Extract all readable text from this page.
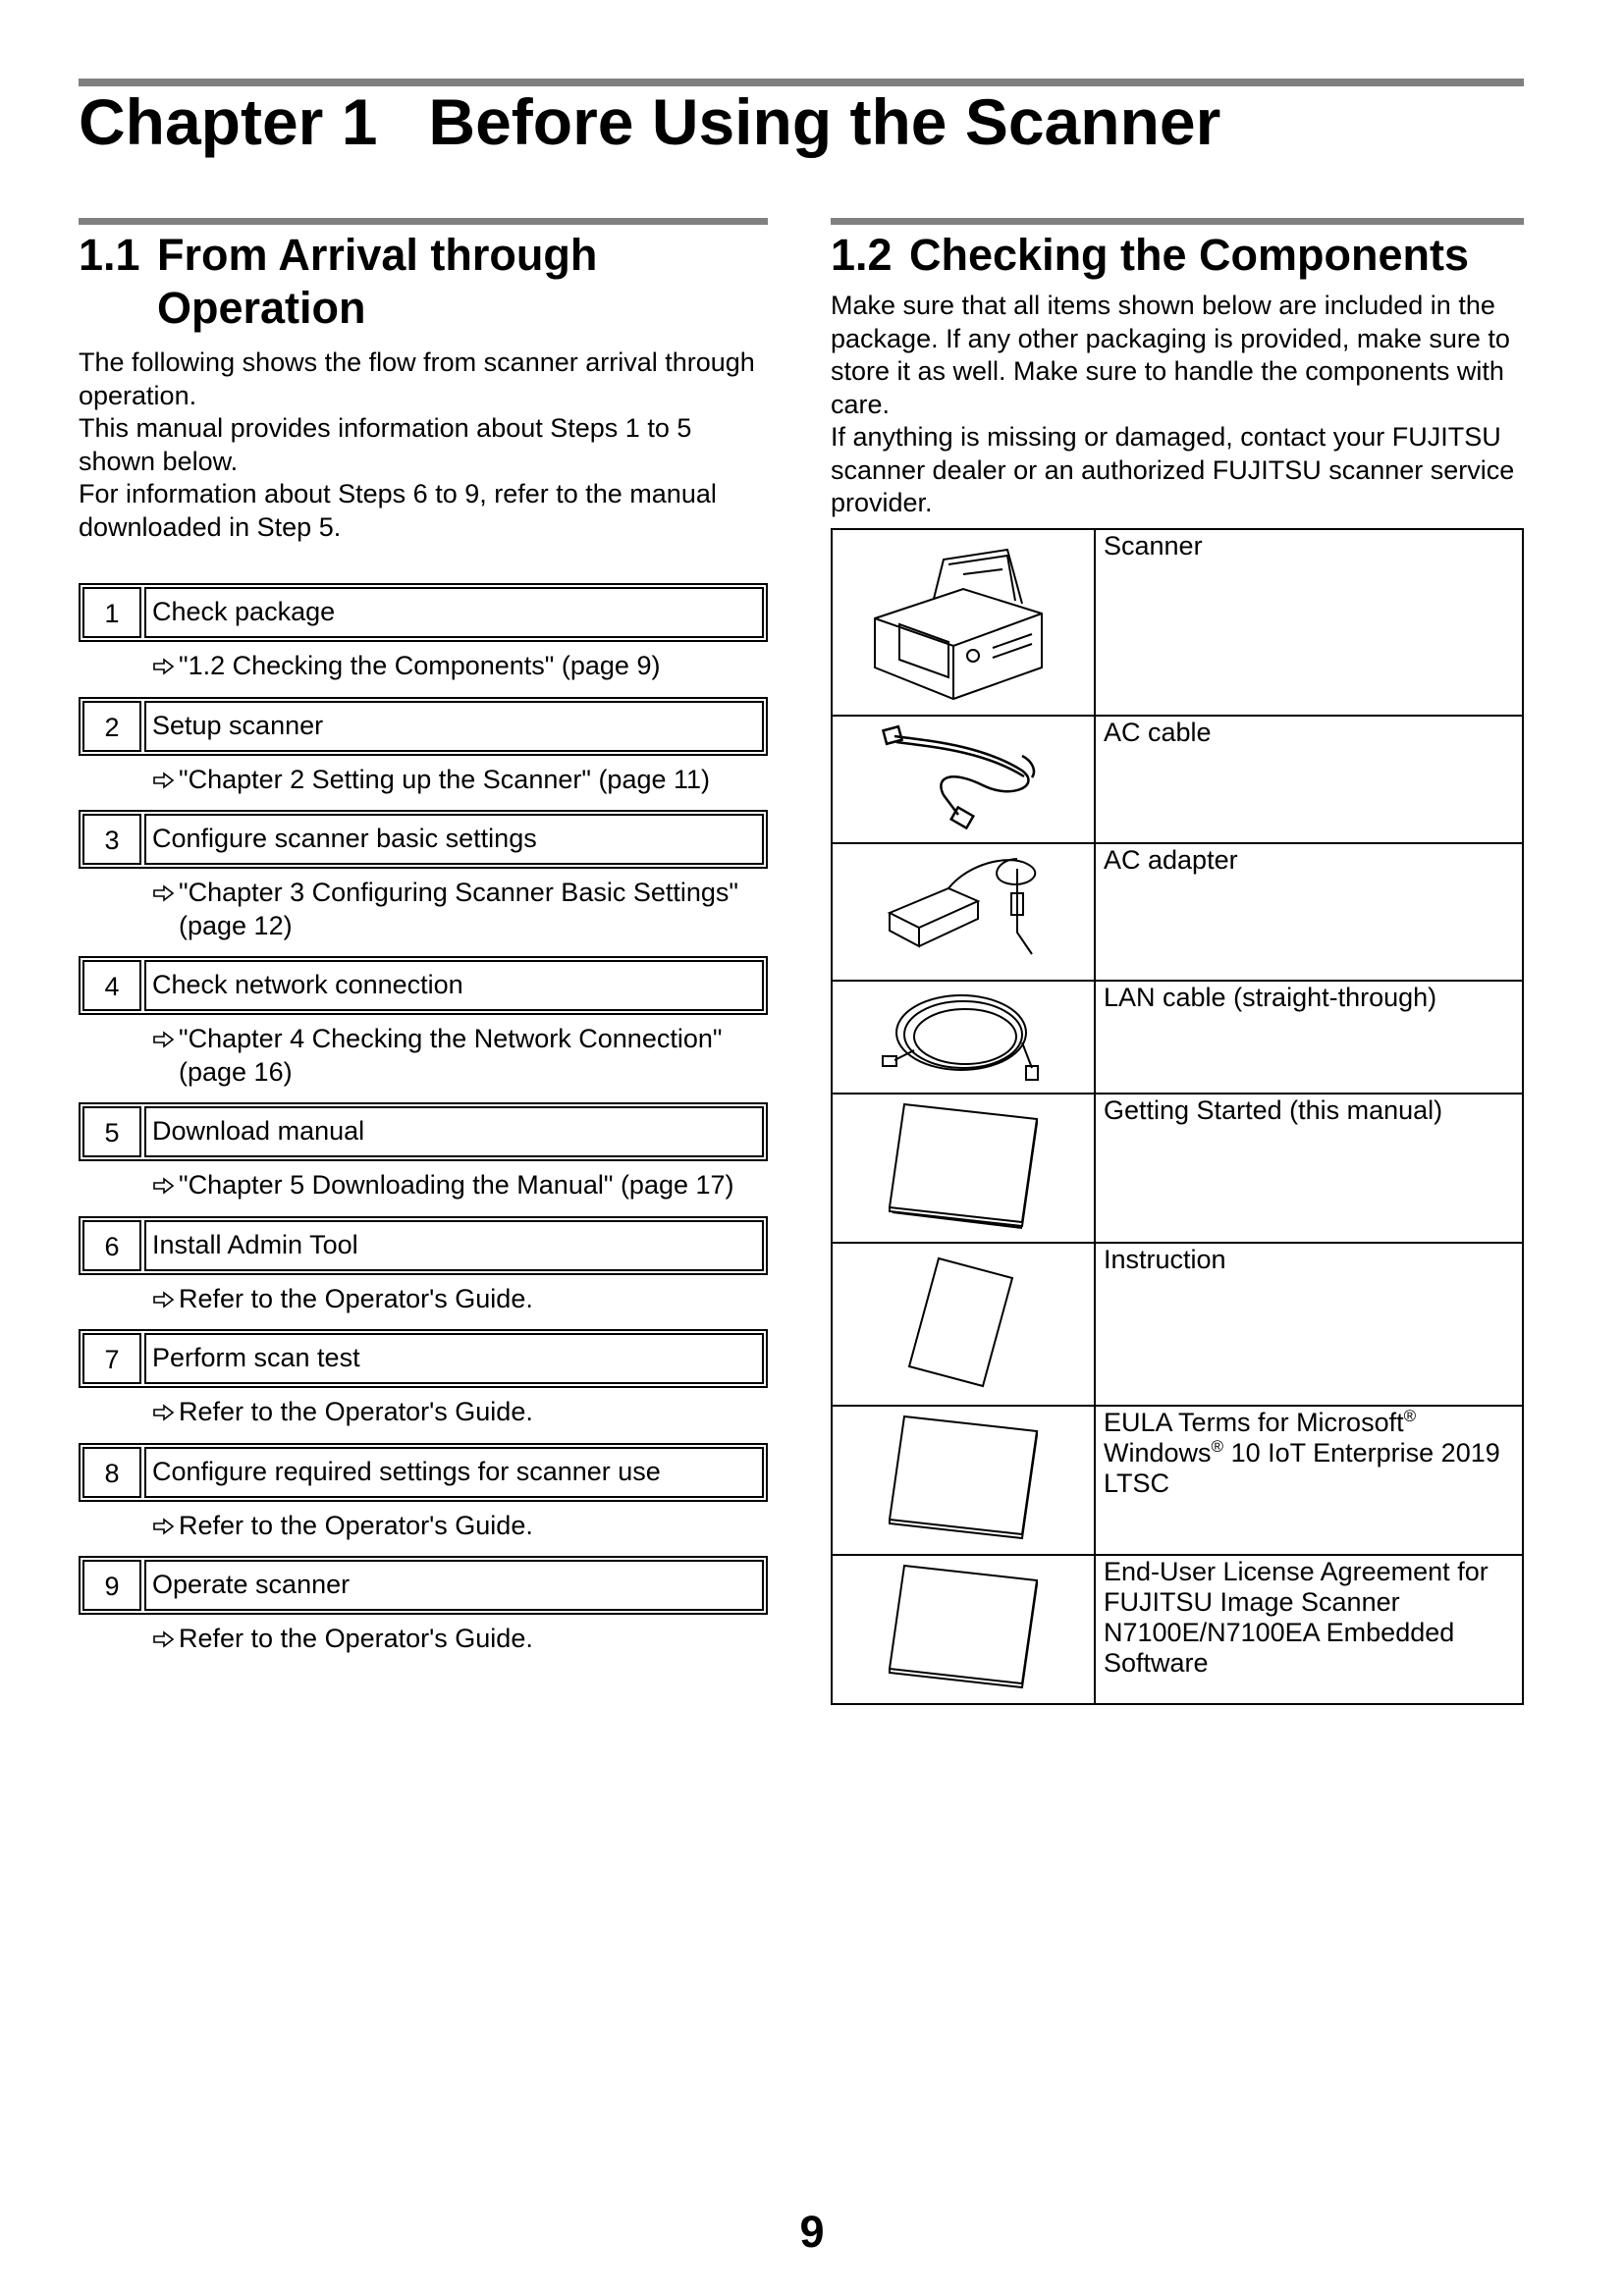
Chapter 1 Before Using the Scanner
1.1 From Arrival through Operation
The following shows the flow from scanner arrival through operation.
This manual provides information about Steps 1 to 5 shown below.
For information about Steps 6 to 9, refer to the manual downloaded in Step 5.
1	Check package
"1.2 Checking the Components" (page 9)
2	Setup scanner
"Chapter 2 Setting up the Scanner" (page 11)
3	Configure scanner basic settings
"Chapter 3 Configuring Scanner Basic Settings" (page 12)
4	Check network connection
"Chapter 4 Checking the Network Connection" (page 16)
5	Download manual
"Chapter 5 Downloading the Manual" (page 17)
6	Install Admin Tool
Refer to the Operator's Guide.
7	Perform scan test
Refer to the Operator's Guide.
8	Configure required settings for scanner use
Refer to the Operator's Guide.
9	Operate scanner
Refer to the Operator's Guide.
1.2 Checking the Components
Make sure that all items shown below are included in the package. If any other packaging is provided, make sure to store it as well. Make sure to handle the components with care.
If anything is missing or damaged, contact your FUJITSU scanner dealer or an authorized FUJITSU scanner service provider.
	Scanner

	AC cable

	AC adapter

	LAN cable (straight-through)

	Getting Started (this manual)

	Instruction

	EULA Terms for Microsoft® Windows® 10 IoT Enterprise 2019 LTSC

	End-User License Agreement for FUJITSU Image Scanner N7100E/N7100EA Embedded Software
9
